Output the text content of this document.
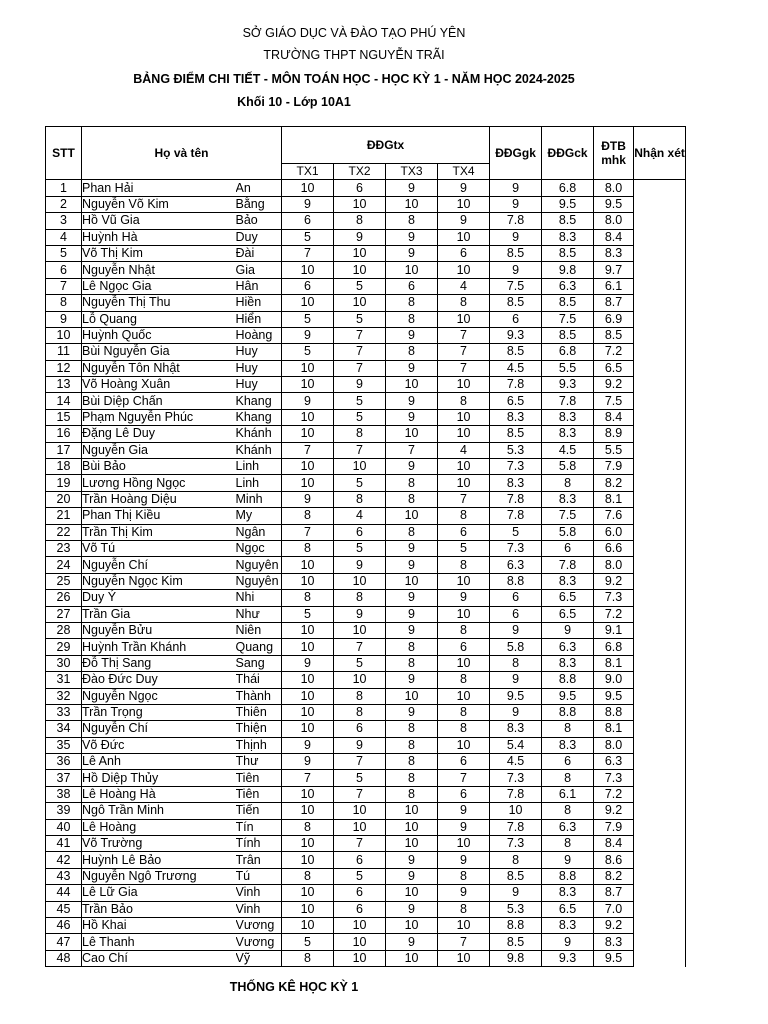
SỞ GIÁO DỤC VÀ ĐÀO TẠO PHÚ YÊN
TRƯỜNG THPT NGUYỄN TRÃI
BẢNG ĐIỂM CHI TIẾT - MÔN TOÁN HỌC - HỌC KỲ 1 - NĂM HỌC 2024-2025
Khối 10 - Lớp 10A1
STT	Họ và tên		ĐĐGtx				ĐĐGgk	ĐĐGck	ĐTB
mhk	Nhận xét
			TX1	TX2	TX3	TX4				
1	Phan Hải	An	10	6	9	9	9	6.8	8.0	
2	Nguyễn Võ Kim	Bằng	9	10	10	10	9	9.5	9.5	
3	Hồ Vũ Gia	Bảo	6	8	8	9	7.8	8.5	8.0	
4	Huỳnh Hà	Duy	5	9	9	10	9	8.3	8.4	
5	Võ Thị Kim	Đài	7	10	9	6	8.5	8.5	8.3	
6	Nguyễn Nhật	Gia	10	10	10	10	9	9.8	9.7	
7	Lê Ngọc Gia	Hân	6	5	6	4	7.5	6.3	6.1	
8	Nguyễn Thị Thu	Hiền	10	10	8	8	8.5	8.5	8.7	
9	Lỗ Quang	Hiển	5	5	8	10	6	7.5	6.9	
10	Huỳnh Quốc	Hoàng	9	7	9	7	9.3	8.5	8.5	
11	Bùi Nguyễn Gia	Huy	5	7	8	7	8.5	6.8	7.2	
12	Nguyễn Tôn Nhật	Huy	10	7	9	7	4.5	5.5	6.5	
13	Võ Hoàng Xuân	Huy	10	9	10	10	7.8	9.3	9.2	
14	Bùi Diệp Chấn	Khang	9	5	9	8	6.5	7.8	7.5	
15	Phạm Nguyễn Phúc	Khang	10	5	9	10	8.3	8.3	8.4	
16	Đặng Lê Duy	Khánh	10	8	10	10	8.5	8.3	8.9	
17	Nguyễn Gia	Khánh	7	7	7	4	5.3	4.5	5.5	
18	Bùi Bảo	Linh	10	10	9	10	7.3	5.8	7.9	
19	Lương Hồng Ngọc	Linh	10	5	8	10	8.3	8	8.2	
20	Trần Hoàng Diệu	Minh	9	8	8	7	7.8	8.3	8.1	
21	Phan Thị Kiều	My	8	4	10	8	7.8	7.5	7.6	
22	Trần Thị Kim	Ngân	7	6	8	6	5	5.8	6.0	
23	Võ Tú	Ngọc	8	5	9	5	7.3	6	6.6	
24	Nguyễn Chí	Nguyên	10	9	9	8	6.3	7.8	8.0	
25	Nguyễn Ngọc Kim	Nguyên	10	10	10	10	8.8	8.3	9.2	
26	Duy Ý	Nhi	8	8	9	9	6	6.5	7.3	
27	Trần Gia	Như	5	9	9	10	6	6.5	7.2	
28	Nguyễn Bửu	Niên	10	10	9	8	9	9	9.1	
29	Huỳnh Trần Khánh	Quang	10	7	8	6	5.8	6.3	6.8	
30	Đỗ Thị Sang	Sang	9	5	8	10	8	8.3	8.1	
31	Đào Đức Duy	Thái	10	10	9	8	9	8.8	9.0	
32	Nguyễn Ngọc	Thành	10	8	10	10	9.5	9.5	9.5	
33	Trần Trọng	Thiên	10	8	9	8	9	8.8	8.8	
34	Nguyễn Chí	Thiện	10	6	8	8	8.3	8	8.1	
35	Võ Đức	Thịnh	9	9	8	10	5.4	8.3	8.0	
36	Lê Anh	Thư	9	7	8	6	4.5	6	6.3	
37	Hồ Diệp Thủy	Tiên	7	5	8	7	7.3	8	7.3	
38	Lê Hoàng Hà	Tiên	10	7	8	6	7.8	6.1	7.2	
39	Ngô Trần Minh	Tiến	10	10	10	9	10	8	9.2	
40	Lê Hoàng	Tín	8	10	10	9	7.8	6.3	7.9	
41	Võ Trường	Tính	10	7	10	10	7.3	8	8.4	
42	Huỳnh Lê Bảo	Trân	10	6	9	9	8	9	8.6	
43	Nguyễn Ngô Trương	Tú	8	5	9	8	8.5	8.8	8.2	
44	Lê Lữ Gia	Vinh	10	6	10	9	9	8.3	8.7	
45	Trần Bảo	Vinh	10	6	9	8	5.3	6.5	7.0	
46	Hồ Khai	Vương	10	10	10	10	8.8	8.3	9.2	
47	Lê Thanh	Vương	5	10	9	7	8.5	9	8.3	
48	Cao Chí	Vỹ	8	10	10	10	9.8	9.3	9.5	
THỐNG KÊ HỌC KỲ 1
